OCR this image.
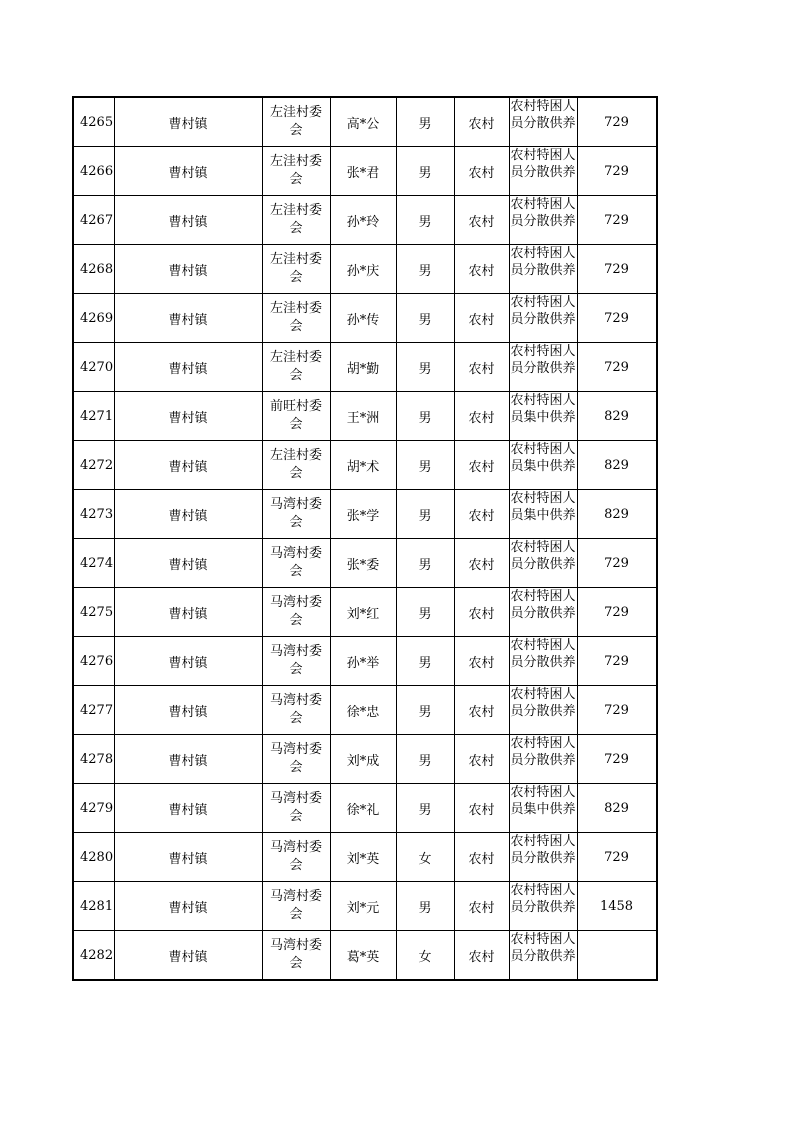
4265	曹村镇	左洼村委会	高*公	男	农村	农村特困人员分散供养	729
4266	曹村镇	左洼村委会	张*君	男	农村	农村特困人员分散供养	729
4267	曹村镇	左洼村委会	孙*玲	男	农村	农村特困人员分散供养	729
4268	曹村镇	左洼村委会	孙*庆	男	农村	农村特困人员分散供养	729
4269	曹村镇	左洼村委会	孙*传	男	农村	农村特困人员分散供养	729
4270	曹村镇	左洼村委会	胡*勤	男	农村	农村特困人员分散供养	729
4271	曹村镇	前旺村委会	王*洲	男	农村	农村特困人员集中供养	829
4272	曹村镇	左洼村委会	胡*术	男	农村	农村特困人员集中供养	829
4273	曹村镇	马湾村委会	张*学	男	农村	农村特困人员集中供养	829
4274	曹村镇	马湾村委会	张*委	男	农村	农村特困人员分散供养	729
4275	曹村镇	马湾村委会	刘*红	男	农村	农村特困人员分散供养	729
4276	曹村镇	马湾村委会	孙*举	男	农村	农村特困人员分散供养	729
4277	曹村镇	马湾村委会	徐*忠	男	农村	农村特困人员分散供养	729
4278	曹村镇	马湾村委会	刘*成	男	农村	农村特困人员分散供养	729
4279	曹村镇	马湾村委会	徐*礼	男	农村	农村特困人员集中供养	829
4280	曹村镇	马湾村委会	刘*英	女	农村	农村特困人员分散供养	729
4281	曹村镇	马湾村委会	刘*元	男	农村	农村特困人员分散供养	1458
4282	曹村镇	马湾村委会	葛*英	女	农村	农村特困人员分散供养	
